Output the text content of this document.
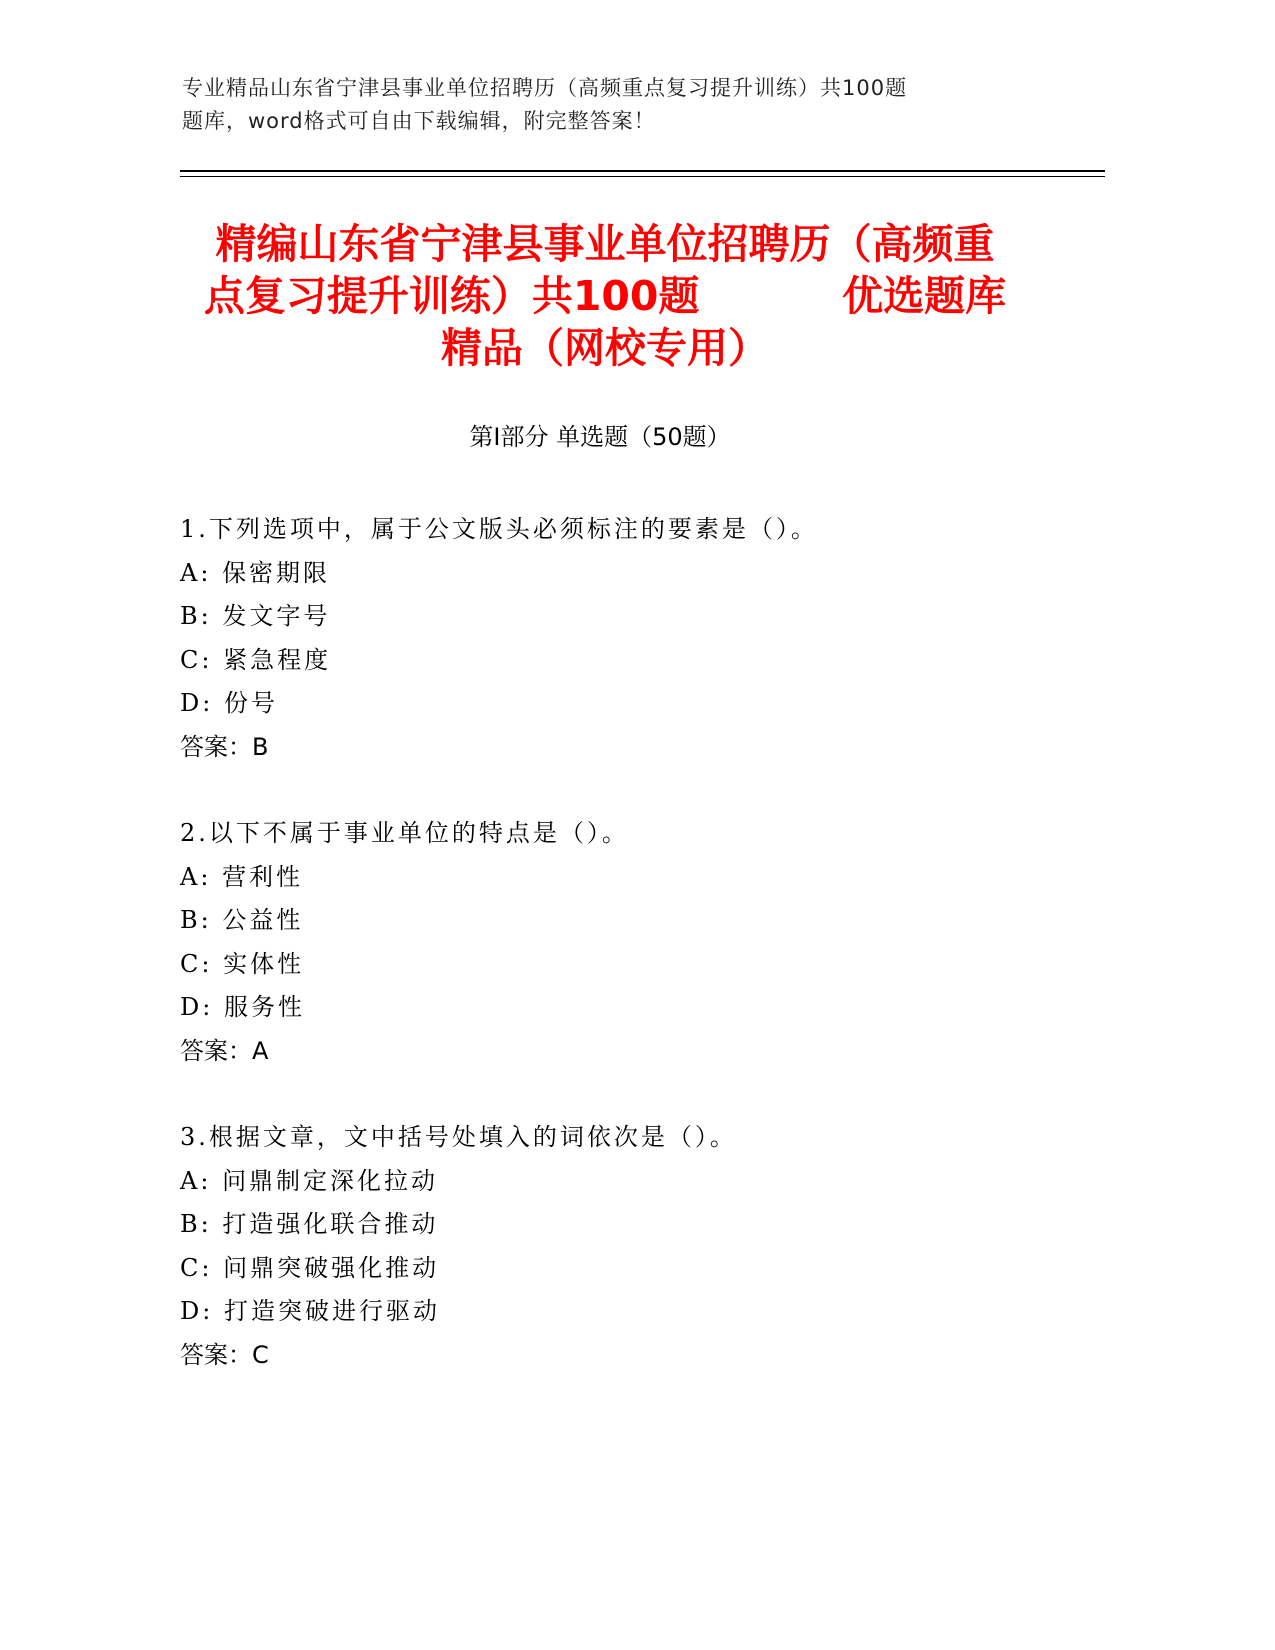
专业精品山东省宁津县事业单位招聘历（高频重点复习提升训练）共100题
题库，word格式可自由下载编辑，附完整答案！
精编山东省宁津县事业单位招聘历（高频重
点复习提升训练）共100题          优选题库
精品（网校专用）
第Ⅰ部分 单选题（50题）
1.下列选项中，属于公文版头必须标注的要素是（）。
A: 保密期限
B: 发文字号
C: 紧急程度
D: 份号
答案：B
2.以下不属于事业单位的特点是（）。
A: 营利性
B: 公益性
C: 实体性
D: 服务性
答案：A
3.根据文章，文中括号处填入的词依次是（）。
A: 问鼎制定深化拉动
B: 打造强化联合推动
C: 问鼎突破强化推动
D: 打造突破进行驱动
答案：C
